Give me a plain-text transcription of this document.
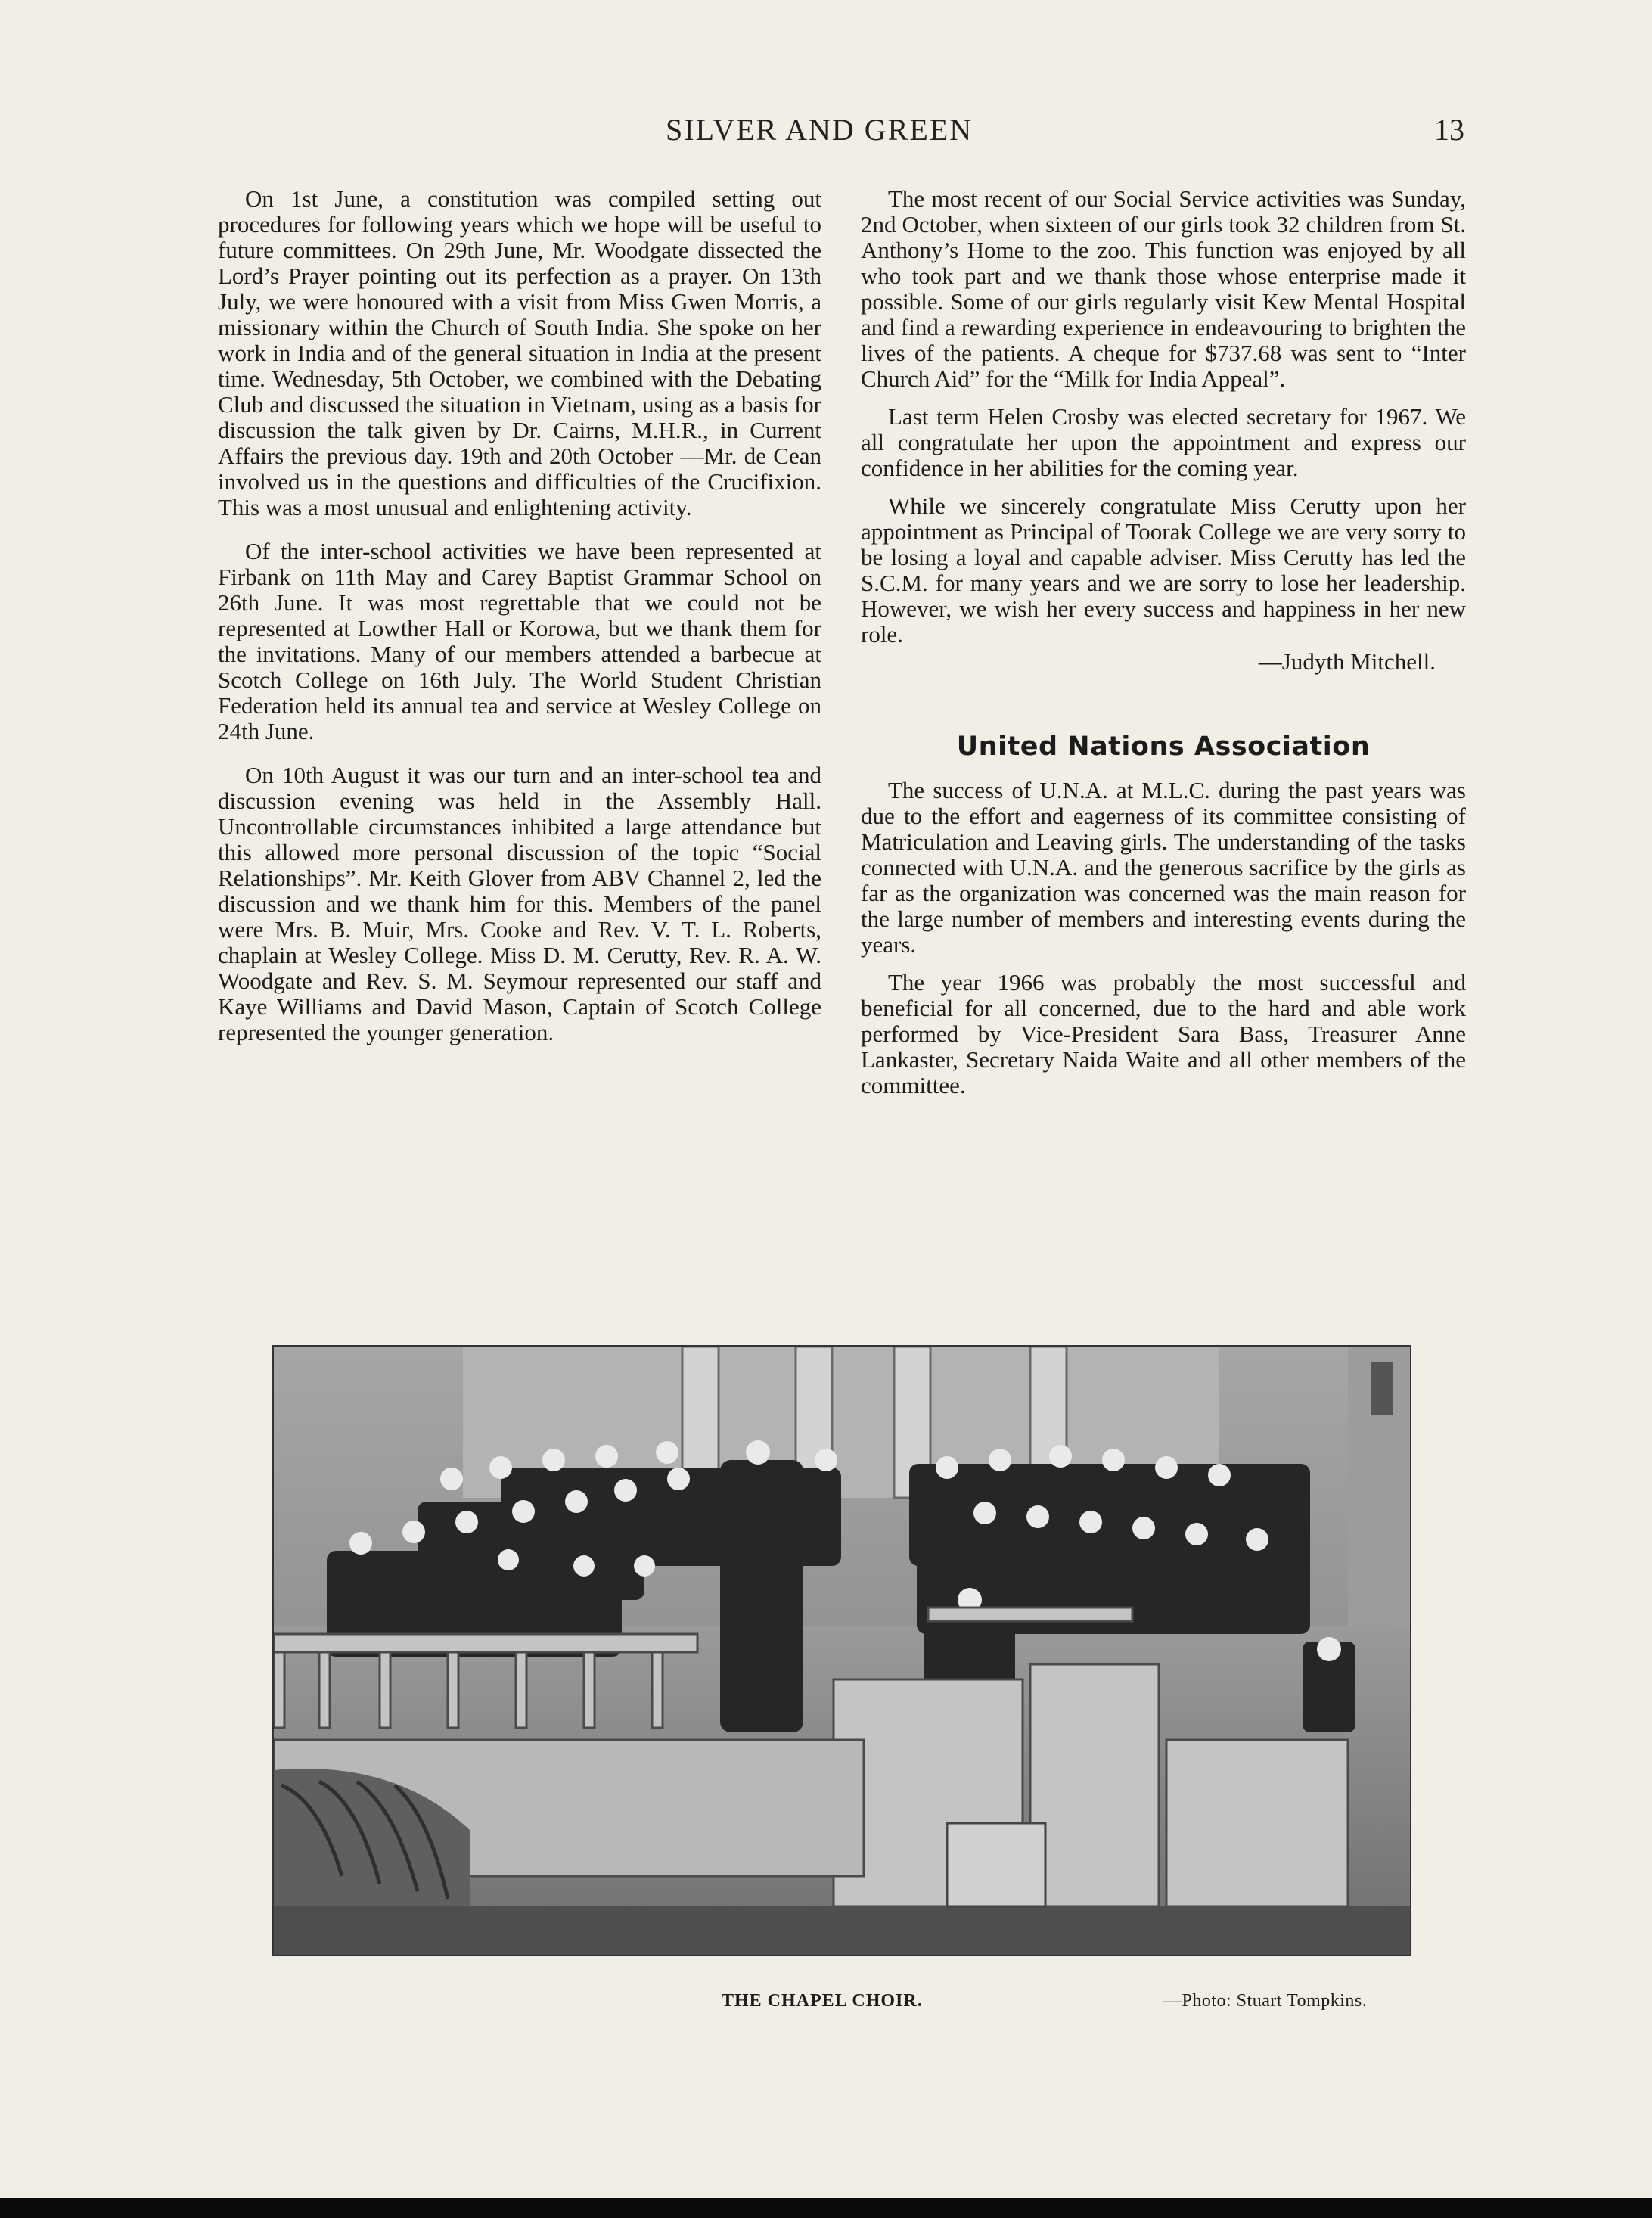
SILVER AND GREEN	13

On 1st June, a constitution was compiled setting out procedures for following years which we hope will be useful to future committees. On 29th June, Mr. Woodgate dissected the Lord’s Prayer pointing out its perfection as a prayer. On 13th July, we were honoured with a visit from Miss Gwen Morris, a missionary within the Church of South India. She spoke on her work in India and of the general situation in India at the present time. Wednesday, 5th October, we combined with the Debating Club and discussed the situation in Vietnam, using as a basis for discussion the talk given by Dr. Cairns, M.H.R., in Current Affairs the previous day. 19th and 20th October —Mr. de Cean involved us in the questions and difficulties of the Crucifixion. This was a most unusual and enlightening activity.

Of the inter-school activities we have been represented at Firbank on 11th May and Carey Baptist Grammar School on 26th June. It was most regrettable that we could not be represented at Lowther Hall or Korowa, but we thank them for the invitations. Many of our members attended a barbecue at Scotch College on 16th July. The World Student Christian Federation held its annual tea and service at Wesley College on 24th June.

On 10th August it was our turn and an inter-school tea and discussion evening was held in the Assembly Hall. Uncontrollable circumstances inhibited a large attendance but this allowed more personal discussion of the topic “Social Relationships”. Mr. Keith Glover from ABV Channel 2, led the discussion and we thank him for this. Members of the panel were Mrs. B. Muir, Mrs. Cooke and Rev. V. T. L. Roberts, chaplain at Wesley College. Miss D. M. Cerutty, Rev. R. A. W. Woodgate and Rev. S. M. Seymour represented our staff and Kaye Williams and David Mason, Captain of Scotch College represented the younger generation.

The most recent of our Social Service activities was Sunday, 2nd October, when sixteen of our girls took 32 children from St. Anthony’s Home to the zoo. This function was enjoyed by all who took part and we thank those whose enterprise made it possible. Some of our girls regularly visit Kew Mental Hospital and find a rewarding experience in endeavouring to brighten the lives of the patients. A cheque for $737.68 was sent to “Inter Church Aid” for the “Milk for India Appeal”.

Last term Helen Crosby was elected secretary for 1967. We all congratulate her upon the appointment and express our confidence in her abilities for the coming year.

While we sincerely congratulate Miss Cerutty upon her appointment as Principal of Toorak College we are very sorry to be losing a loyal and capable adviser. Miss Cerutty has led the S.C.M. for many years and we are sorry to lose her leadership. However, we wish her every success and happiness in her new role.

—Judyth Mitchell.
United Nations Association

The success of U.N.A. at M.L.C. during the past years was due to the effort and eagerness of its committee consisting of Matriculation and Leaving girls. The understanding of the tasks connected with U.N.A. and the generous sacrifice by the girls as far as the organization was concerned was the main reason for the large number of members and interesting events during the years.

The year 1966 was probably the most successful and beneficial for all concerned, due to the hard and able work performed by Vice-President Sara Bass, Treasurer Anne Lankaster, Secretary Naida Waite and all other members of the committee.

THE CHAPEL CHOIR.	—Photo: Stuart Tompkins.
